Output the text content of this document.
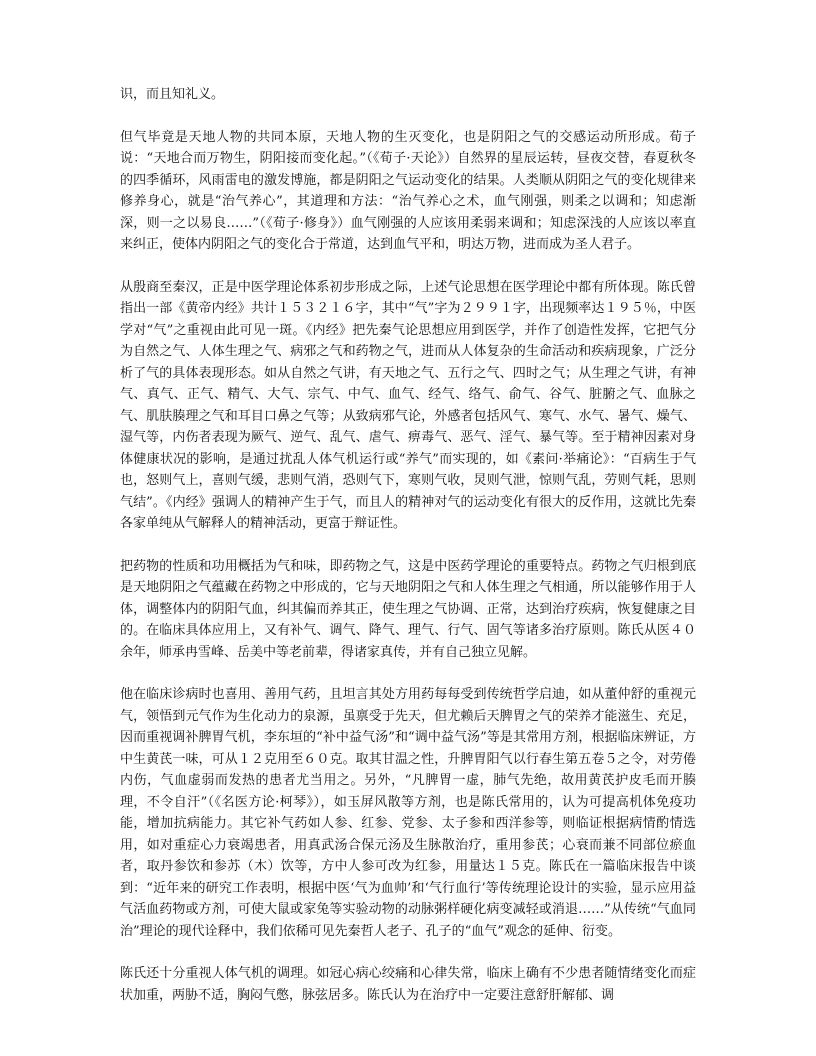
识，而且知礼义。

但气毕竟是天地人物的共同本原，天地人物的生灭变化，也是阴阳之气的交感运动所形成。荀子说：“天地合而万物生，阴阳接而变化起。”（《荀子·天论》）自然界的星辰运转，昼夜交替，春夏秋冬的四季循环，风雨雷电的激发博施，都是阴阳之气运动变化的结果。人类顺从阴阳之气的变化规律来修养身心，就是“治气养心”，其道理和方法：“治气养心之术，血气刚强，则柔之以调和；知虑渐深，则一之以易良……”（《荀子·修身》）血气刚强的人应该用柔弱来调和；知虑深浅的人应该以率直来纠正，使体内阴阳之气的变化合于常道，达到血气平和，明达万物，进而成为圣人君子。

从殷商至秦汉，正是中医学理论体系初步形成之际，上述气论思想在医学理论中都有所体现。陈氏曾指出一部《黄帝内经》共计１５３２１６字，其中“气”字为２９９１字，出现频率达１９５％，中医学对“气”之重视由此可见一斑。《内经》把先秦气论思想应用到医学，并作了创造性发挥，它把气分为自然之气、人体生理之气、病邪之气和药物之气，进而从人体复杂的生命活动和疾病现象，广泛分析了气的具体表现形态。如从自然之气讲，有天地之气、五行之气、四时之气；从生理之气讲，有神气、真气、正气、精气、大气、宗气、中气、血气、经气、络气、俞气、谷气、脏腑之气、血脉之气、肌肤腠理之气和耳目口鼻之气等；从致病邪气论，外感者包括风气、寒气、水气、暑气、燥气、湿气等，内伤者表现为厥气、逆气、乱气、虐气、痹毒气、恶气、淫气、暴气等。至于精神因素对身体健康状况的影响，是通过扰乱人体气机运行或“养气”而实现的，如《素问·举痛论》：“百病生于气也，怒则气上，喜则气缓，悲则气消，恐则气下，寒则气收，炅则气泄，惊则气乱，劳则气耗，思则气结”。《内经》强调人的精神产生于气，而且人的精神对气的运动变化有很大的反作用，这就比先秦各家单纯从气解释人的精神活动，更富于辩证性。

把药物的性质和功用概括为气和味，即药物之气，这是中医药学理论的重要特点。药物之气归根到底是天地阴阳之气蕴藏在药物之中形成的，它与天地阴阳之气和人体生理之气相通，所以能够作用于人体，调整体内的阴阳气血，纠其偏而养其正，使生理之气协调、正常，达到治疗疾病，恢复健康之目的。在临床具体应用上，又有补气、调气、降气、理气、行气、固气等诸多治疗原则。陈氏从医４０余年，师承冉雪峰、岳美中等老前辈，得诸家真传，并有自己独立见解。

他在临床诊病时也喜用、善用气药，且坦言其处方用药每每受到传统哲学启迪，如从董仲舒的重视元气，领悟到元气作为生化动力的泉源，虽禀受于先天，但尤赖后天脾胃之气的荣养才能滋生、充足，因而重视调补脾胃气机，李东垣的“补中益气汤”和“调中益气汤”等是其常用方剂，根据临床辨证，方中生黄芪一味，可从１２克用至６０克。取其甘温之性，升脾胃阳气以行春生第五卷５之令，对劳倦内伤，气血虚弱而发热的患者尤当用之。另外，“凡脾胃一虚，肺气先绝，故用黄芪护皮毛而开腠理，不令自汗”（《名医方论·柯琴》），如玉屏风散等方剂，也是陈氏常用的，认为可提高机体免疫功能，增加抗病能力。其它补气药如人参、红参、党参、太子参和西洋参等，则临证根据病情酌情选用，如对重症心力衰竭患者，用真武汤合保元汤及生脉散治疗，重用参芪；心衰而兼不同部位瘀血者，取丹参饮和参苏（木）饮等，方中人参可改为红参，用量达１５克。陈氏在一篇临床报告中谈到：“近年来的研究工作表明，根据中医‘气为血帅’和‘气行血行’等传统理论设计的实验，显示应用益气活血药物或方剂，可使大鼠或家兔等实验动物的动脉粥样硬化病变减轻或消退……”从传统“气血同治”理论的现代诠释中，我们依稀可见先秦哲人老子、孔子的“血气”观念的延伸、衍变。

陈氏还十分重视人体气机的调理。如冠心病心绞痛和心律失常，临床上确有不少患者随情绪变化而症状加重，两胁不适，胸闷气憋，脉弦居多。陈氏认为在治疗中一定要注意舒肝解郁、调
